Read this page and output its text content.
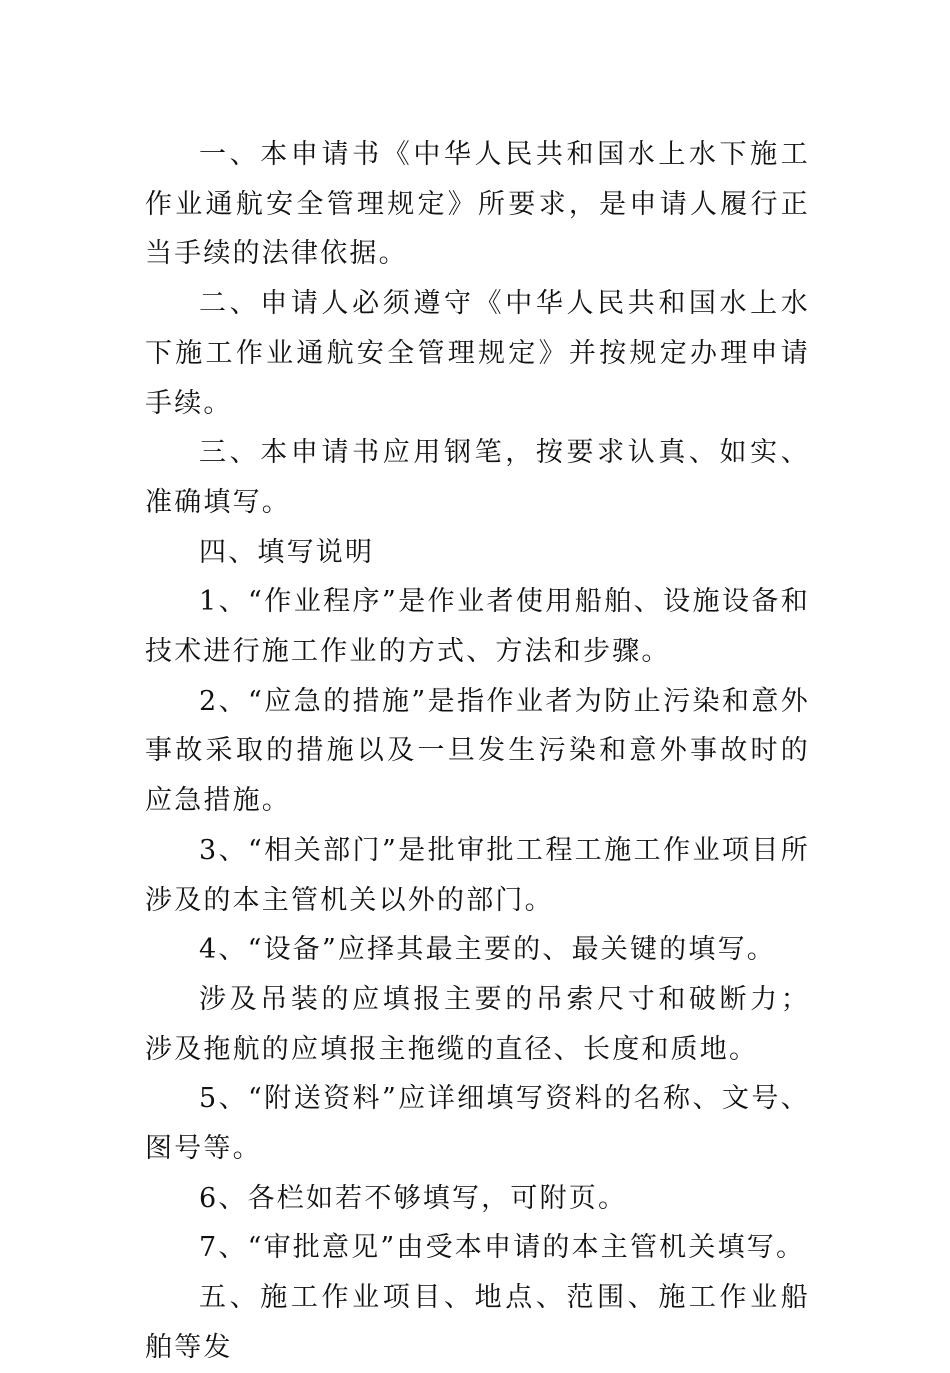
一、本申请书《中华人民共和国水上水下施工作业通航安全管理规定》所要求，是申请人履行正当手续的法律依据。

二、申请人必须遵守《中华人民共和国水上水下施工作业通航安全管理规定》并按规定办理申请手续。

三、本申请书应用钢笔，按要求认真、如实、准确填写。

四、填写说明

1、“作业程序”是作业者使用船舶、设施设备和技术进行施工作业的方式、方法和步骤。

2、“应急的措施”是指作业者为防止污染和意外事故采取的措施以及一旦发生污染和意外事故时的应急措施。

3、“相关部门”是批审批工程工施工作业项目所涉及的本主管机关以外的部门。

4、“设备”应择其最主要的、最关键的填写。

涉及吊装的应填报主要的吊索尺寸和破断力；涉及拖航的应填报主拖缆的直径、长度和质地。

5、“附送资料”应详细填写资料的名称、文号、图号等。

6、各栏如若不够填写，可附页。

7、“审批意见”由受本申请的本主管机关填写。

五、施工作业项目、地点、范围、施工作业船舶等发
